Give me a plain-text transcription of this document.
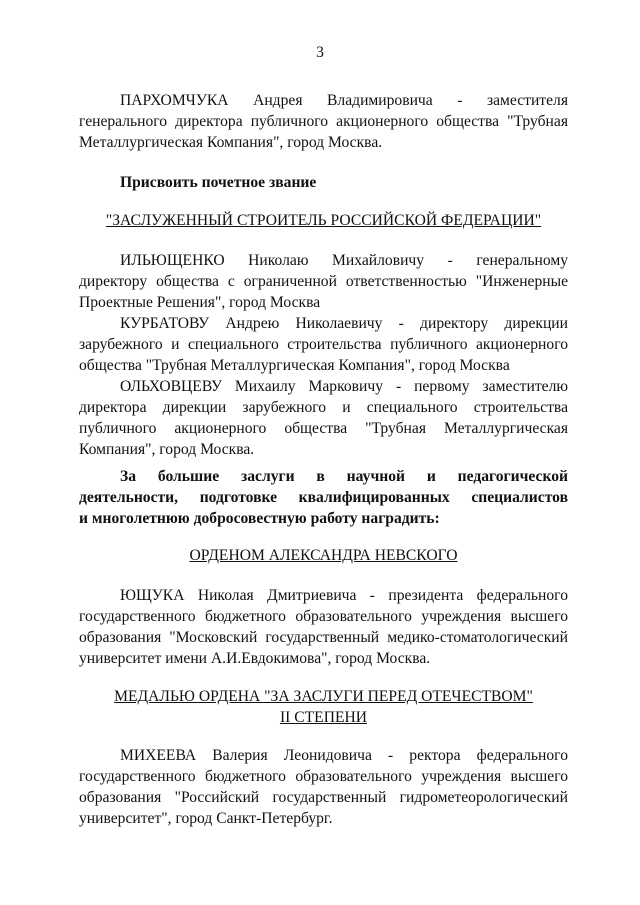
3
ПАРХОМЧУКА Андрея Владимировича - заместителя
генерального директора публичного акционерного общества "Трубная
Металлургическая Компания", город Москва.
Присвоить почетное звание
"ЗАСЛУЖЕННЫЙ СТРОИТЕЛЬ РОССИЙСКОЙ ФЕДЕРАЦИИ"
ИЛЬЮЩЕНКО Николаю Михайловичу - генеральному
директору общества с ограниченной ответственностью "Инженерные
Проектные Решения", город Москва
КУРБАТОВУ Андрею Николаевичу - директору дирекции
зарубежного и специального строительства публичного акционерного
общества "Трубная Металлургическая Компания", город Москва
ОЛЬХОВЦЕВУ Михаилу Марковичу - первому заместителю
директора дирекции зарубежного и специального строительства
публичного акционерного общества "Трубная Металлургическая
Компания", город Москва.
За большие заслуги в научной и педагогической
деятельности, подготовке квалифицированных специалистов
и многолетнюю добросовестную работу наградить:
ОРДЕНОМ АЛЕКСАНДРА НЕВСКОГО
ЮЩУКА Николая Дмитриевича - президента федерального
государственного бюджетного образовательного учреждения высшего
образования "Московский государственный медико-стоматологический
университет имени А.И.Евдокимова", город Москва.
МЕДАЛЬЮ ОРДЕНА "ЗА ЗАСЛУГИ ПЕРЕД ОТЕЧЕСТВОМ"
II СТЕПЕНИ
МИХЕЕВА Валерия Леонидовича - ректора федерального
государственного бюджетного образовательного учреждения высшего
образования "Российский государственный гидрометеорологический
университет", город Санкт-Петербург.
